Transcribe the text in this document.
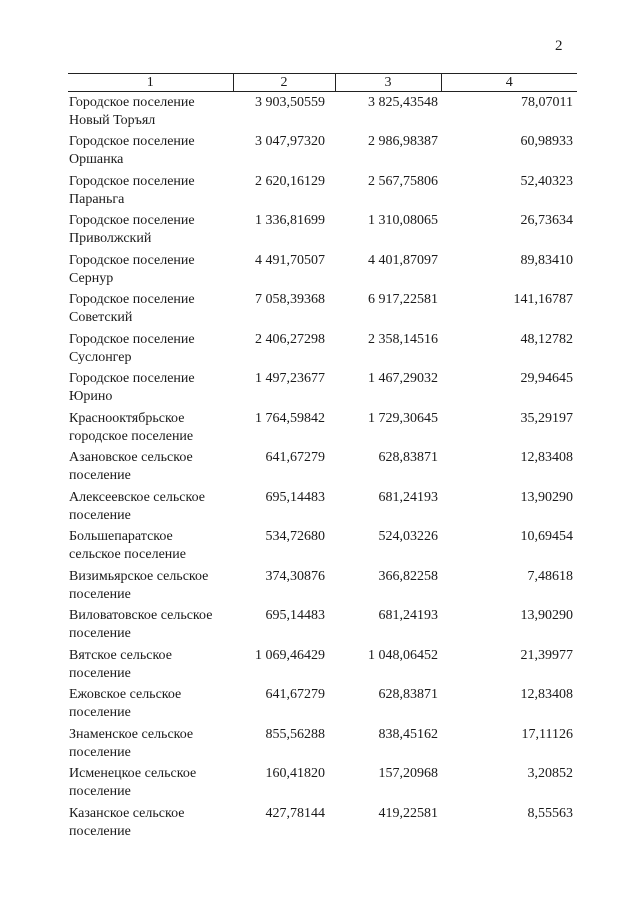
2
1	2	3	4

Городское поселение
Новый Торъял	3 903,50559	3 825,43548	78,07011

Городское поселение
Оршанка	3 047,97320	2 986,98387	60,98933

Городское поселение
Параньга	2 620,16129	2 567,75806	52,40323

Городское поселение
Приволжский	1 336,81699	1 310,08065	26,73634

Городское поселение
Сернур	4 491,70507	4 401,87097	89,83410

Городское поселение
Советский	7 058,39368	6 917,22581	141,16787

Городское поселение
Суслонгер	2 406,27298	2 358,14516	48,12782

Городское поселение
Юрино	1 497,23677	1 467,29032	29,94645

Краснооктябрьское
городское поселение	1 764,59842	1 729,30645	35,29197

Азановское сельское
поселение	641,67279	628,83871	12,83408

Алексеевское сельское
поселение	695,14483	681,24193	13,90290

Большепаратское
сельское поселение	534,72680	524,03226	10,69454

Визимьярское сельское
поселение	374,30876	366,82258	7,48618

Виловатовское сельское
поселение	695,14483	681,24193	13,90290

Вятское сельское
поселение	1 069,46429	1 048,06452	21,39977

Ежовское сельское
поселение	641,67279	628,83871	12,83408

Знаменское сельское
поселение	855,56288	838,45162	17,11126

Исменецкое сельское
поселение	160,41820	157,20968	3,20852

Казанское сельское
поселение	427,78144	419,22581	8,55563
